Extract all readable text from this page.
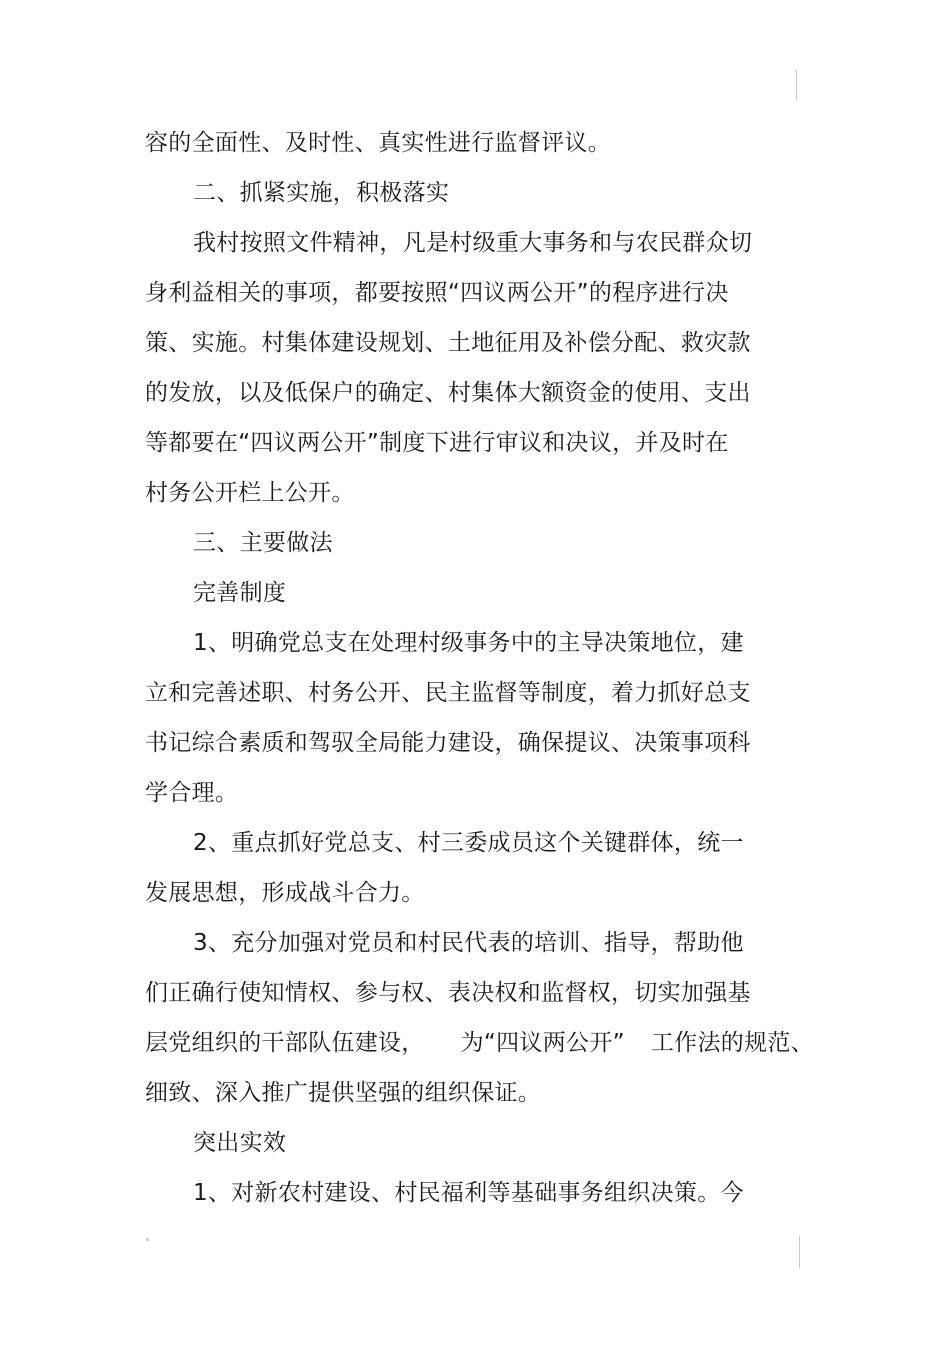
容的全面性、及时性、真实性进行监督评议。
二、抓紧实施，积极落实
我村按照文件精神，凡是村级重大事务和与农民群众切
身利益相关的事项，都要按照“四议两公开”的程序进行决
策、实施。村集体建设规划、土地征用及补偿分配、救灾款
的发放，以及低保户的确定、村集体大额资金的使用、支出
等都要在“四议两公开”制度下进行审议和决议，并及时在
村务公开栏上公开。
三、主要做法
完善制度
1、明确党总支在处理村级事务中的主导决策地位，建
立和完善述职、村务公开、民主监督等制度，着力抓好总支
书记综合素质和驾驭全局能力建设，确保提议、决策事项科
学合理。
2、重点抓好党总支、村三委成员这个关键群体，统一
发展思想，形成战斗合力。
3、充分加强对党员和村民代表的培训、指导，帮助他
们正确行使知情权、参与权、表决权和监督权，切实加强基
层党组织的干部队伍建设， 为“四议两公开” 工作法的规范、
细致、深入推广提供坚强的组织保证。
突出实效
1、对新农村建设、村民福利等基础事务组织决策。今
